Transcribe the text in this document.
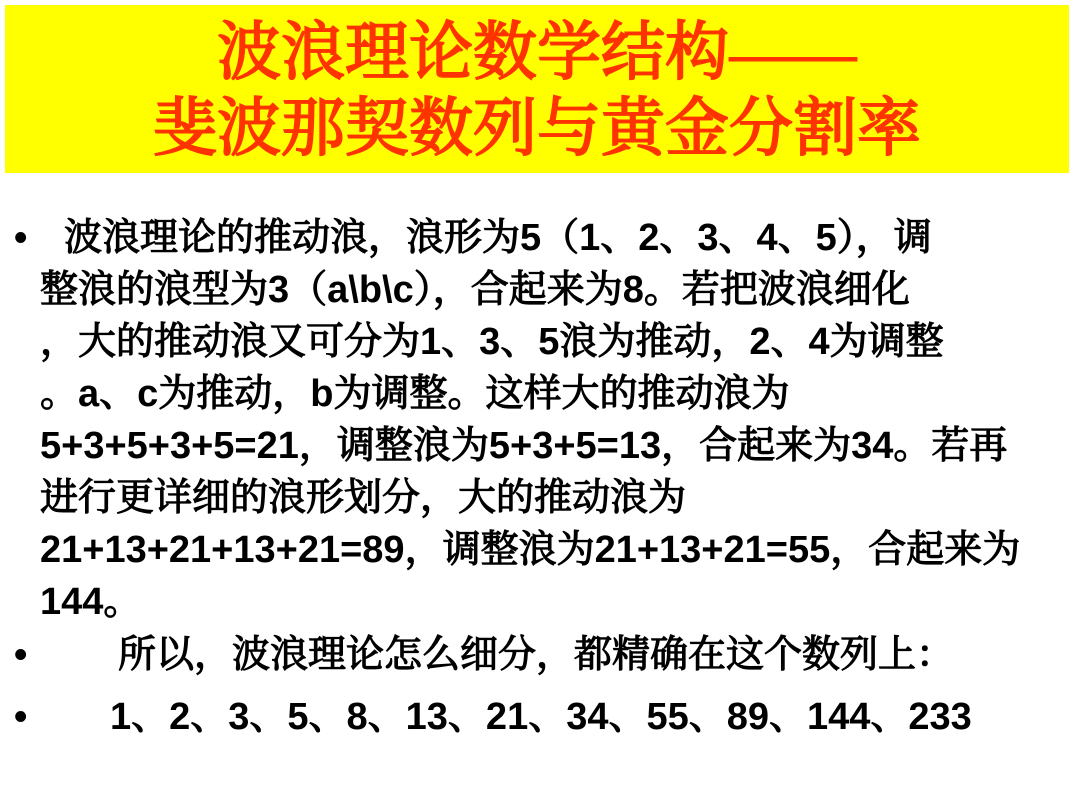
波浪理论数学结构——
斐波那契数列与黄金分割率
• 波浪理论的推动浪，浪形为5（1、2、3、4、5），调
整浪的浪型为3（a\b\c），合起来为8。若把波浪细化
，大的推动浪又可分为1、3、5浪为推动，2、4为调整
。a、c为推动，b为调整。这样大的推动浪为
5+3+5+3+5=21，调整浪为5+3+5=13，合起来为34。若再
进行更详细的浪形划分，大的推动浪为
21+13+21+13+21=89，调整浪为21+13+21=55，合起来为
144。
•	所以，波浪理论怎么细分，都精确在这个数列上：
•	1、2、3、5、8、13、21、34、55、89、144、233
